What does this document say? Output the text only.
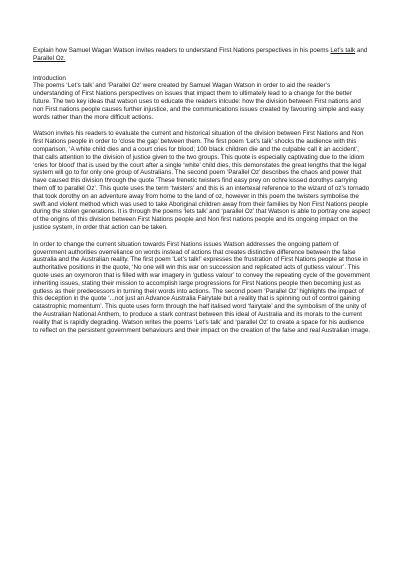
Explain how Samuel Wagan Watson invites readers to understand First Nations perspectives in his poems Let’s talk and Parallel Oz.

Introduction

The poems ‘Let’s talk’ and ‘Parallel Oz’ were created by Samuel Wagan Watson in order to aid the reader’s understanding of First Nations perspectives on issues that impact them to ultimately lead to a change for the better future. The two key ideas that watson uses to educate the readers inlcude: how the division between First nations and non First nations people causes further injustice, and the communications issues created by favouring simple and easy words rather than the more difficult actions.

Watson invites his readers to evaluate the current and historical situation of the division between First Nations and Non first Nations people in order to ‘close the gap’ between them. The first poem ‘Let’s talk’ shocks the audience with this comparison, ‘A white child dies and a court cries for blood; 100 black children die and the culpable call it an accident’, that calls attention to the division of justice given to the two groups. This quote is especially captivating due to the idiom ‘cries for blood’ that is used by the court after a single ‘white’ child dies, this demonstates the great lengths that the legal system will go to for only one group of Australians. The second poem ‘Parallel Oz’ describes the chaos and power that have caused this division through the quote ‘These frenetic twisters find easy prey on ochre kissed dorothys carrying them off to parallel Oz’. This quote uses the term ‘twisters’ and this is an intertexal reference to the wizard of oz’s tornado that took dorothy on an adventure away from home to the land of oz, however in this poem the twisters symbolise the swift and violent method which was used to take Aboriginal children away from their families by Non First Nations people during the stolen generations. It is through the poems ‘lets talk’ and ‘parallel Oz’ that Watson is able to portray one aspect of the origins of this division between First Nations people and Non first nations people and its ongoing impact on the justice system, in order that action can be taken.

In order to change the current situation towards First Nations issues Watson addresses the ongoing pattern of government authorities overreliance on words instead of actions that creates distinctive difference between the false australia and the Australian reality. The first poem ‘Let’s talk!’ expresses the frustration of First Nations people at those in authoritative positions in the quote, ‘No one will win this war on succession and replicated acts of gutless valour’. This quote uses an oxymoron that is filled with war imagery in ‘gutless valour’ to convey the repeating cycle of the government inheriting issues, stating their mission to accomplish large progressions for First Nations people then becoming just as gutless as their predecessors in turning their words into actions. The second poem ‘Parallel Oz’ highlights the impact of this deception in the quote ‘...not just an Advance Australia Fairytale but a reality that is spinning out of control gaining catastrophic momentum’. This quote uses form through the half italised word ‘fairytale’ and the symbolism of the unity of the Australian National Anthem, to produce a stark contrast between this ideal of Australia and its morals to the current reality that is rapidly degrading. Watson writes the poems ‘Let’s talk’ and ‘parallel Oz’ to create a space for his audience to reflect on the persistent government behaviours and their impact on the creation of the false and real Australian image.
